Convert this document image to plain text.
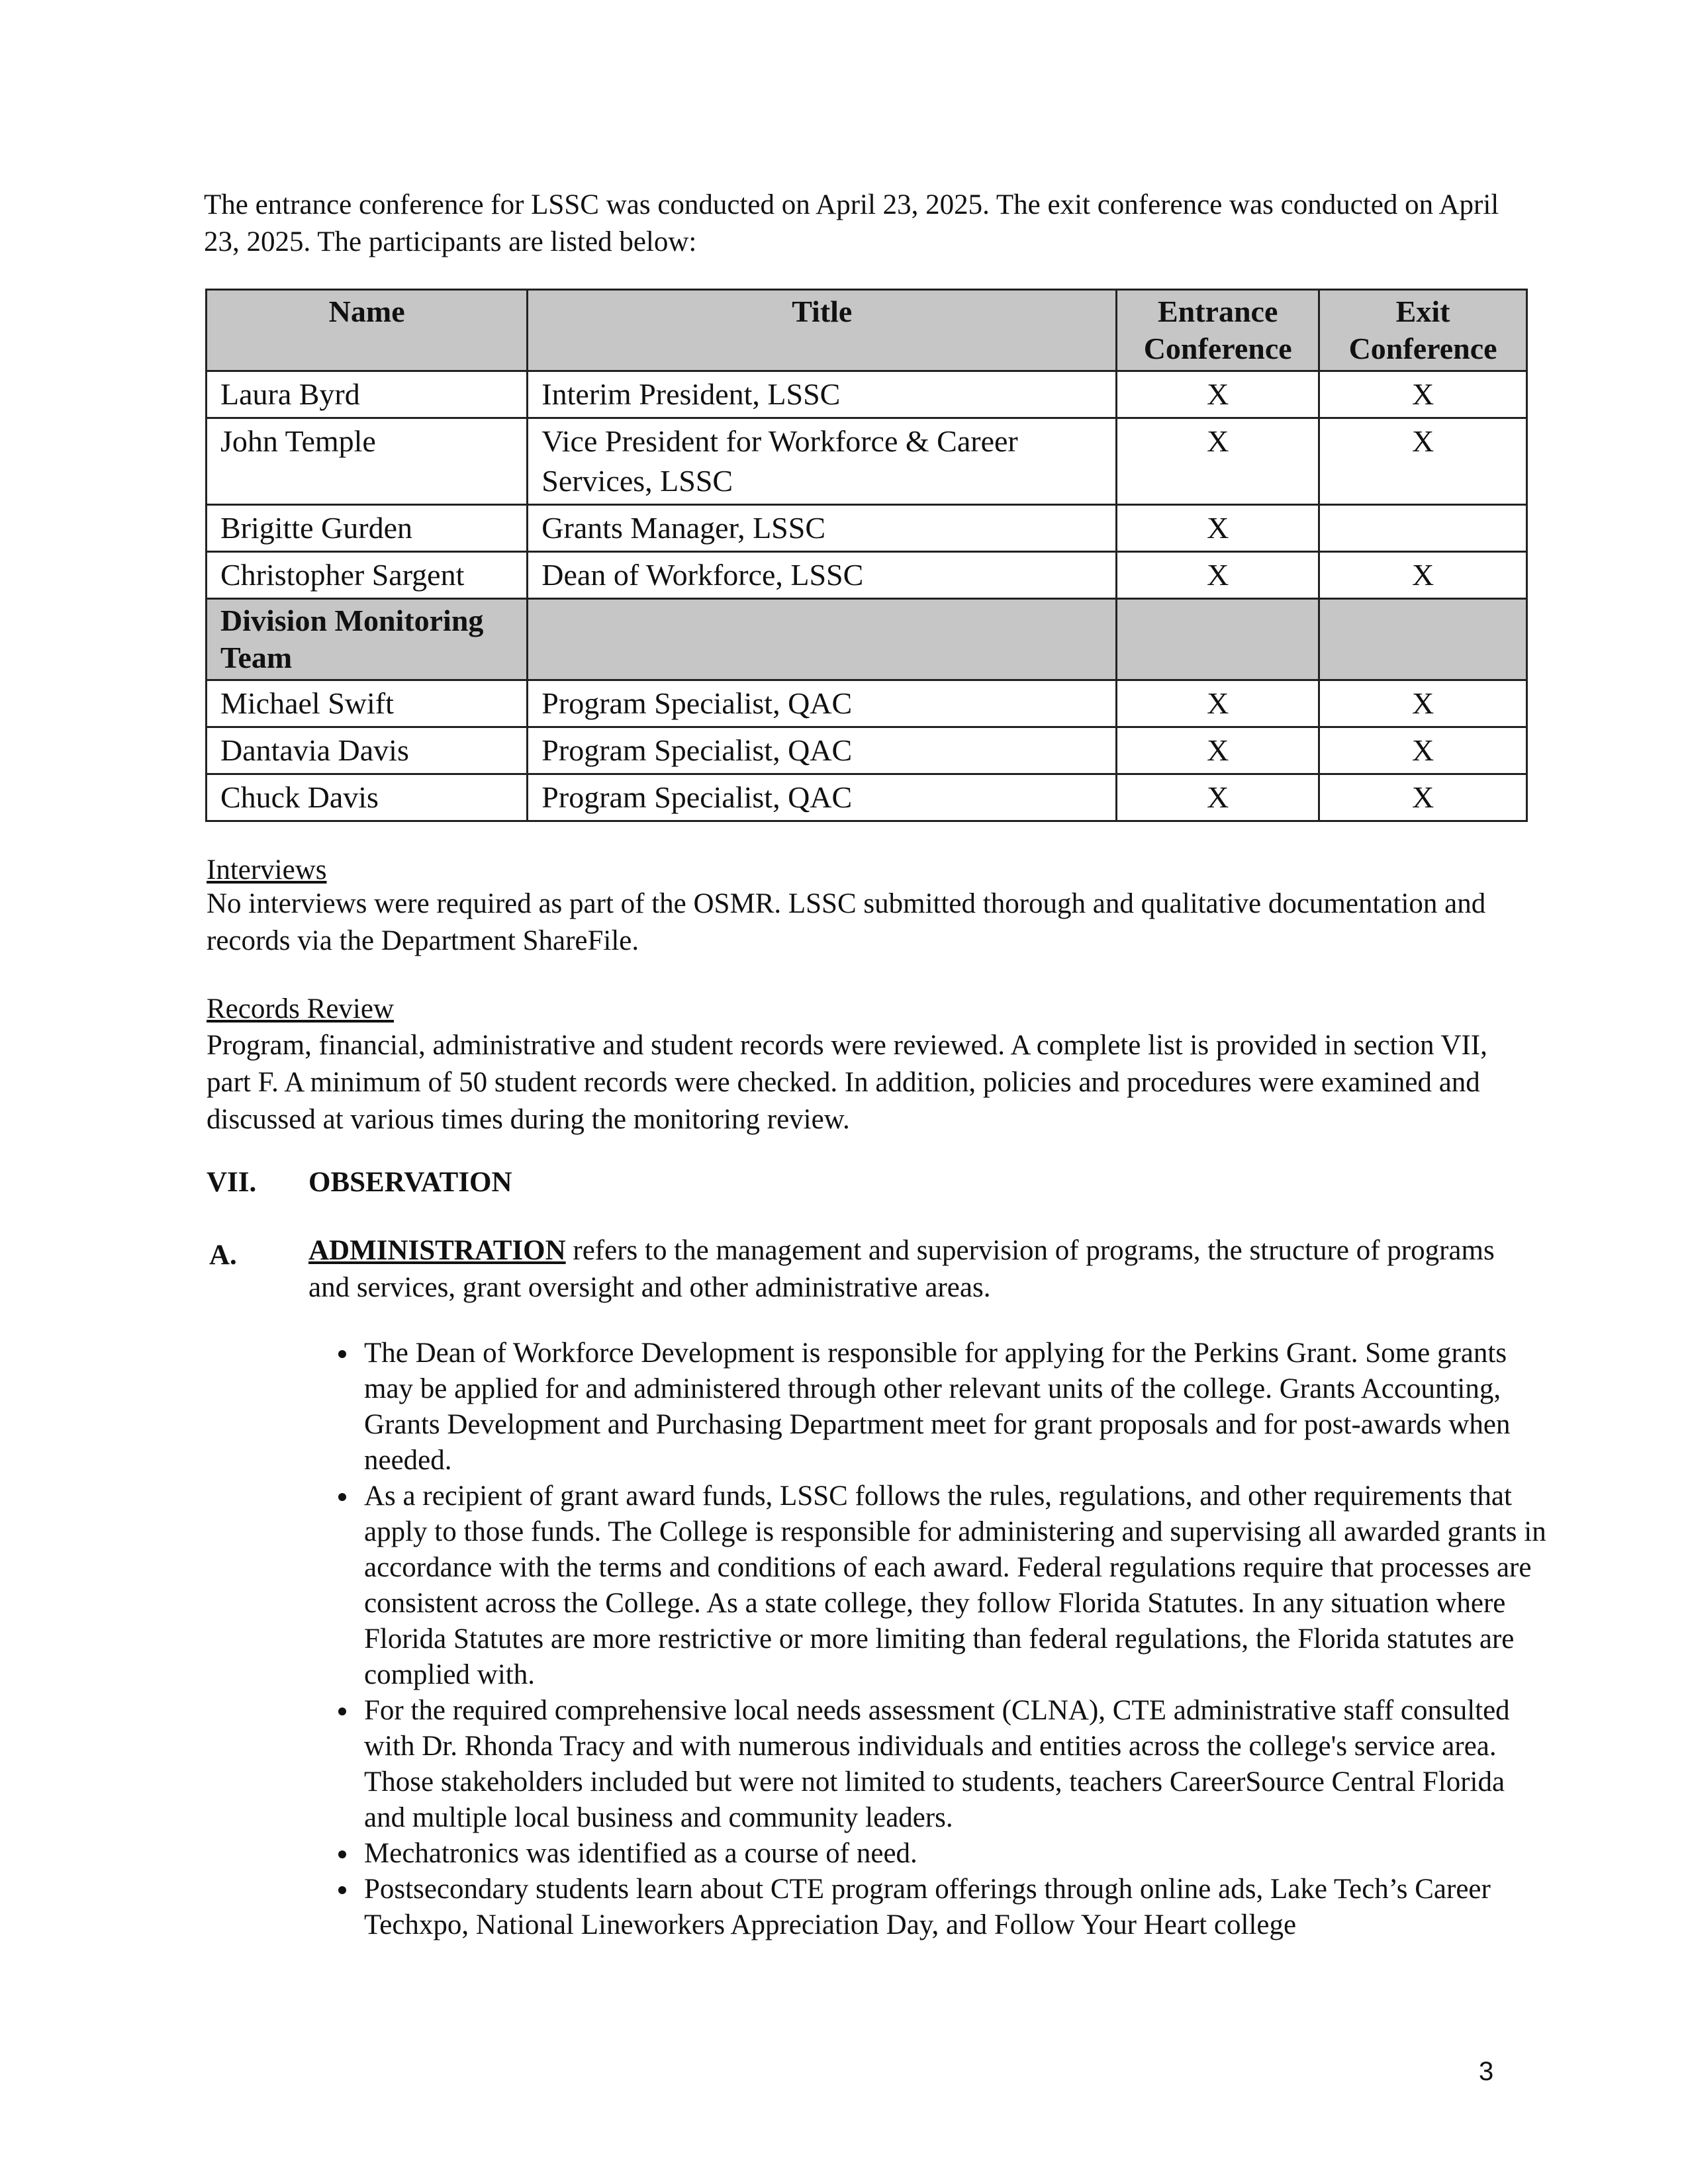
The entrance conference for LSSC was conducted on April 23, 2025. The exit conference was conducted on April 23, 2025. The participants are listed below:

Name	Title	Entrance Conference	Exit Conference
Laura Byrd	Interim President, LSSC	X	X
John Temple	Vice President for Workforce & Career Services, LSSC	X	X
Brigitte Gurden	Grants Manager, LSSC	X	
Christopher Sargent	Dean of Workforce, LSSC	X	X
Division Monitoring Team			
Michael Swift	Program Specialist, QAC	X	X
Dantavia Davis	Program Specialist, QAC	X	X
Chuck Davis	Program Specialist, QAC	X	X

Interviews

No interviews were required as part of the OSMR. LSSC submitted thorough and qualitative documentation and records via the Department ShareFile.

Records Review

Program, financial, administrative and student records were reviewed. A complete list is provided in section VII, part F. A minimum of 50 student records were checked. In addition, policies and procedures were examined and discussed at various times during the monitoring review.

VII. OBSERVATION

A.	ADMINISTRATION refers to the management and supervision of programs, the structure of programs and services, grant oversight and other administrative areas.

• The Dean of Workforce Development is responsible for applying for the Perkins Grant. Some grants may be applied for and administered through other relevant units of the college. Grants Accounting, Grants Development and Purchasing Department meet for grant proposals and for post-awards when needed.
• As a recipient of grant award funds, LSSC follows the rules, regulations, and other requirements that apply to those funds. The College is responsible for administering and supervising all awarded grants in accordance with the terms and conditions of each award. Federal regulations require that processes are consistent across the College. As a state college, they follow Florida Statutes. In any situation where Florida Statutes are more restrictive or more limiting than federal regulations, the Florida statutes are complied with.
• For the required comprehensive local needs assessment (CLNA), CTE administrative staff consulted with Dr. Rhonda Tracy and with numerous individuals and entities across the college's service area. Those stakeholders included but were not limited to students, teachers CareerSource Central Florida and multiple local business and community leaders.
• Mechatronics was identified as a course of need.
• Postsecondary students learn about CTE program offerings through online ads, Lake Tech’s Career Techxpo, National Lineworkers Appreciation Day, and Follow Your Heart college
3
